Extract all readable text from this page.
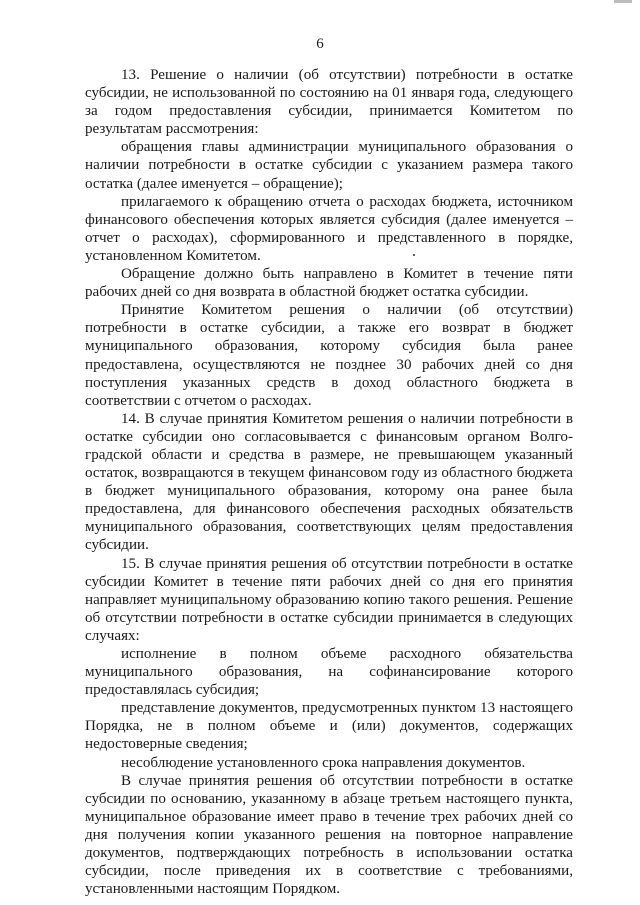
6

13. Решение о наличии (об отсутствии) потребности в остатке субсидии, не использованной по состоянию на 01 января года, следующего за годом предоставления субсидии, принимается Комитетом по результатам рассмотрения:

обращения главы администрации муниципального образования о наличии потребности в остатке субсидии с указанием размера такого остатка (далее именуется – обращение);

прилагаемого к обращению отчета о расходах бюджета, источником финансового обеспечения которых является субсидия (далее именуется – отчет о расходах), сформированного и представленного в порядке, установленном Комитетом.

Обращение должно быть направлено в Комитет в течение пяти рабочих дней со дня возврата в областной бюджет остатка субсидии.

Принятие Комитетом решения о наличии (об отсутствии) потребности в остатке субсидии, а также его возврат в бюджет муниципального образования, которому субсидия была ранее предоставлена, осуществляются не позднее 30 рабочих дней со дня поступления указанных средств в доход областного бюджета в соответствии с отчетом о расходах.

14. В случае принятия Комитетом решения о наличии потребности в остатке субсидии оно согласовывается с финансовым органом Волго-градской области и средства в размере, не превышающем указанный остаток, возвращаются в текущем финансовом году из областного бюджета в бюджет муниципального образования, которому она ранее была предоставлена, для финансового обеспечения расходных обязательств муниципального образования, соответствующих целям предоставления субсидии.

15. В случае принятия решения об отсутствии потребности в остатке субсидии Комитет в течение пяти рабочих дней со дня его принятия направляет муниципальному образованию копию такого решения. Решение об отсутствии потребности в остатке субсидии принимается в следующих случаях:

исполнение в полном объеме расходного обязательства муниципального образования, на софинансирование которого предоставлялась субсидия;

представление документов, предусмотренных пунктом 13 настоящего Порядка, не в полном объеме и (или) документов, содержащих недостоверные сведения;

несоблюдение установленного срока направления документов.

В случае принятия решения об отсутствии потребности в остатке субсидии по основанию, указанному в абзаце третьем настоящего пункта, муниципальное образование имеет право в течение трех рабочих дней со дня получения копии указанного решения на повторное направление документов, подтверждающих потребность в использовании остатка субсидии, после приведения их в соответствие с требованиями, установленными настоящим Порядком.
